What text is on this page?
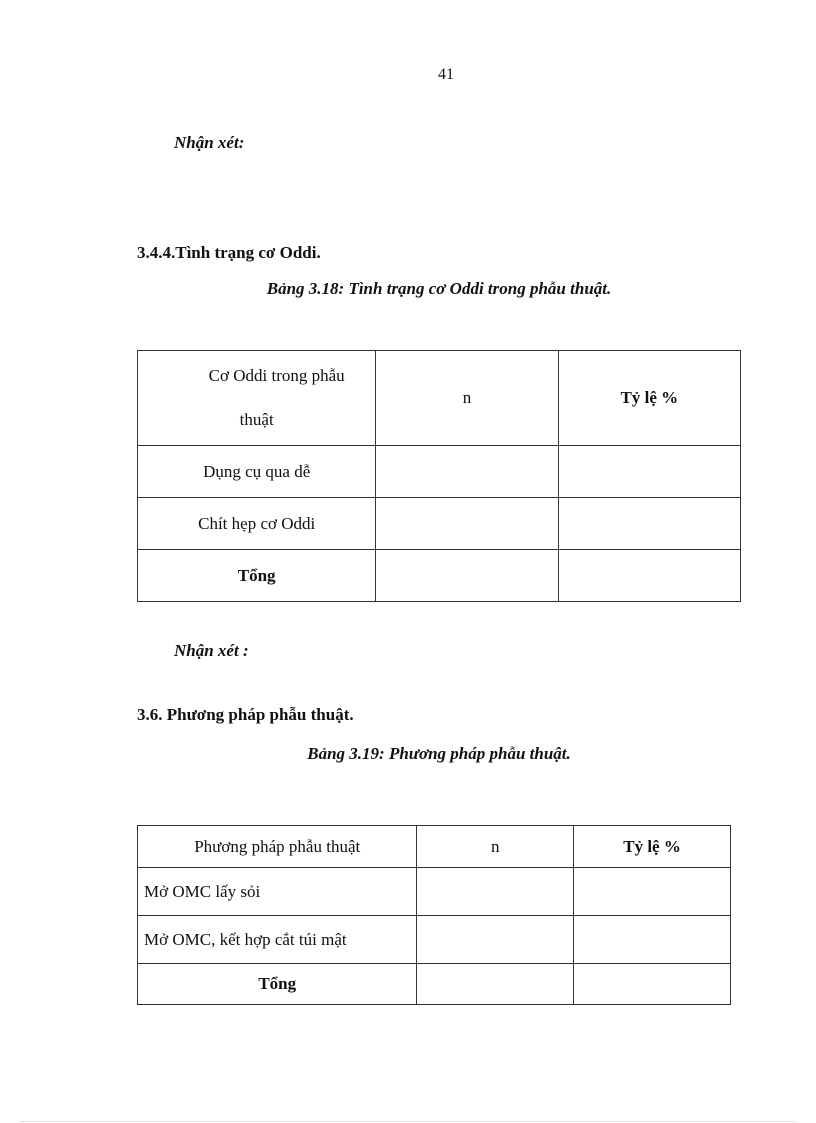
41
Nhận xét:
3.4.4.Tình trạng cơ Oddi.
Bảng 3.18: Tình trạng cơ Oddi trong phẫu thuật.
Cơ Oddi trong phẫu
thuật	n	Tỷ lệ %
Dụng cụ qua dễ		
Chít hẹp cơ Oddi		
Tổng		
Nhận xét :
3.6. Phương pháp phẫu thuật.
Bảng 3.19: Phương pháp phẫu thuật.
Phương pháp phẫu thuật	n	Tỷ lệ %
Mở OMC lấy sỏi		
Mở OMC, kết hợp cắt túi mật		
Tổng		
